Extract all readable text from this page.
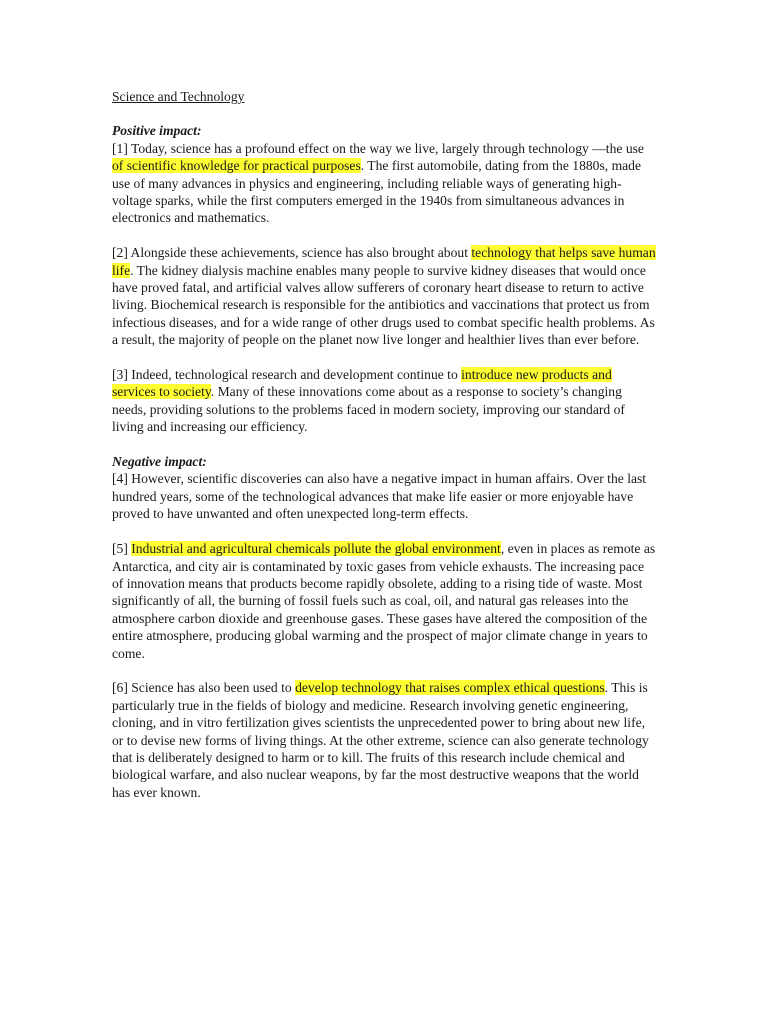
Science and Technology

Positive impact:

[1] Today, science has a profound effect on the way we live, largely through technology —the use of scientific knowledge for practical purposes. The first automobile, dating from the 1880s, made use of many advances in physics and engineering, including reliable ways of generating high-voltage sparks, while the first computers emerged in the 1940s from simultaneous advances in electronics and mathematics.

[2] Alongside these achievements, science has also brought about technology that helps save human life. The kidney dialysis machine enables many people to survive kidney diseases that would once have proved fatal, and artificial valves allow sufferers of coronary heart disease to return to active living. Biochemical research is responsible for the antibiotics and vaccinations that protect us from infectious diseases, and for a wide range of other drugs used to combat specific health problems. As a result, the majority of people on the planet now live longer and healthier lives than ever before.

[3] Indeed, technological research and development continue to introduce new products and services to society. Many of these innovations come about as a response to society’s changing needs, providing solutions to the problems faced in modern society, improving our standard of living and increasing our efficiency.

Negative impact:

[4] However, scientific discoveries can also have a negative impact in human affairs. Over the last hundred years, some of the technological advances that make life easier or more enjoyable have proved to have unwanted and often unexpected long-term effects.

[5] Industrial and agricultural chemicals pollute the global environment, even in places as remote as Antarctica, and city air is contaminated by toxic gases from vehicle exhausts. The increasing pace of innovation means that products become rapidly obsolete, adding to a rising tide of waste. Most significantly of all, the burning of fossil fuels such as coal, oil, and natural gas releases into the atmosphere carbon dioxide and greenhouse gases. These gases have altered the composition of the entire atmosphere, producing global warming and the prospect of major climate change in years to come.

[6] Science has also been used to develop technology that raises complex ethical questions. This is particularly true in the fields of biology and medicine. Research involving genetic engineering, cloning, and in vitro fertilization gives scientists the unprecedented power to bring about new life, or to devise new forms of living things. At the other extreme, science can also generate technology that is deliberately designed to harm or to kill. The fruits of this research include chemical and biological warfare, and also nuclear weapons, by far the most destructive weapons that the world has ever known.
